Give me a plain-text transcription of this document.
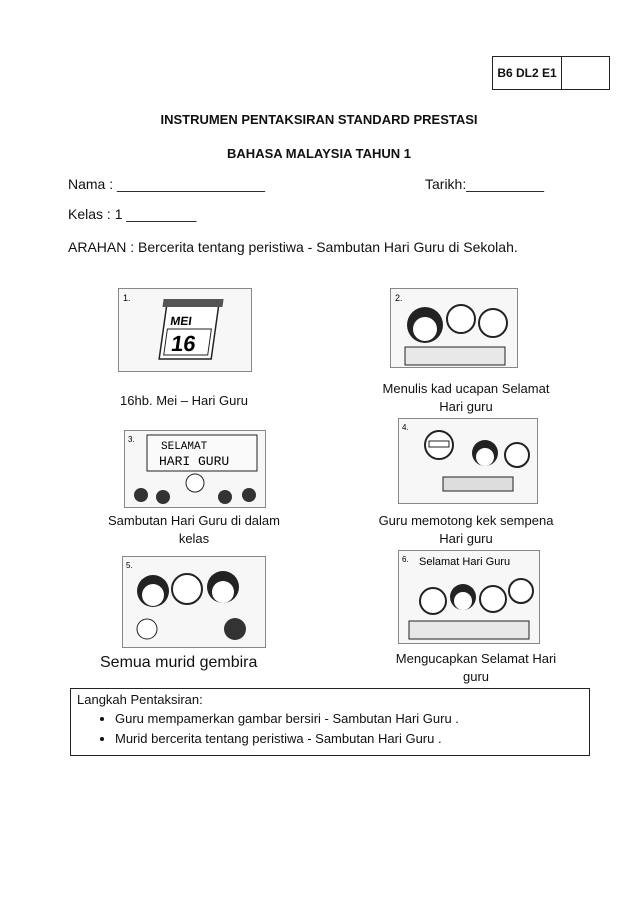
B6 DL2 E1
INSTRUMEN PENTAKSIRAN STANDARD PRESTASI
BAHASA MALAYSIA TAHUN 1
Nama : ___________________	Tarikh:__________
Kelas : 1 _________
ARAHAN : Bercerita tentang peristiwa - Sambutan Hari Guru di Sekolah.
1.
MEI
16
16hb. Mei – Hari Guru
2.
Menulis kad ucapan Selamat Hari guru
3.
SELAMAT
HARI GURU
Sambutan Hari Guru di dalam kelas
4.
Guru memotong kek sempena Hari guru
5.
Semua murid gembira
6. Selamat Hari Guru
Mengucapkan Selamat Hari guru
Langkah Pentaksiran:
• Guru mempamerkan gambar bersiri - Sambutan Hari Guru .
• Murid bercerita tentang peristiwa - Sambutan Hari Guru .
